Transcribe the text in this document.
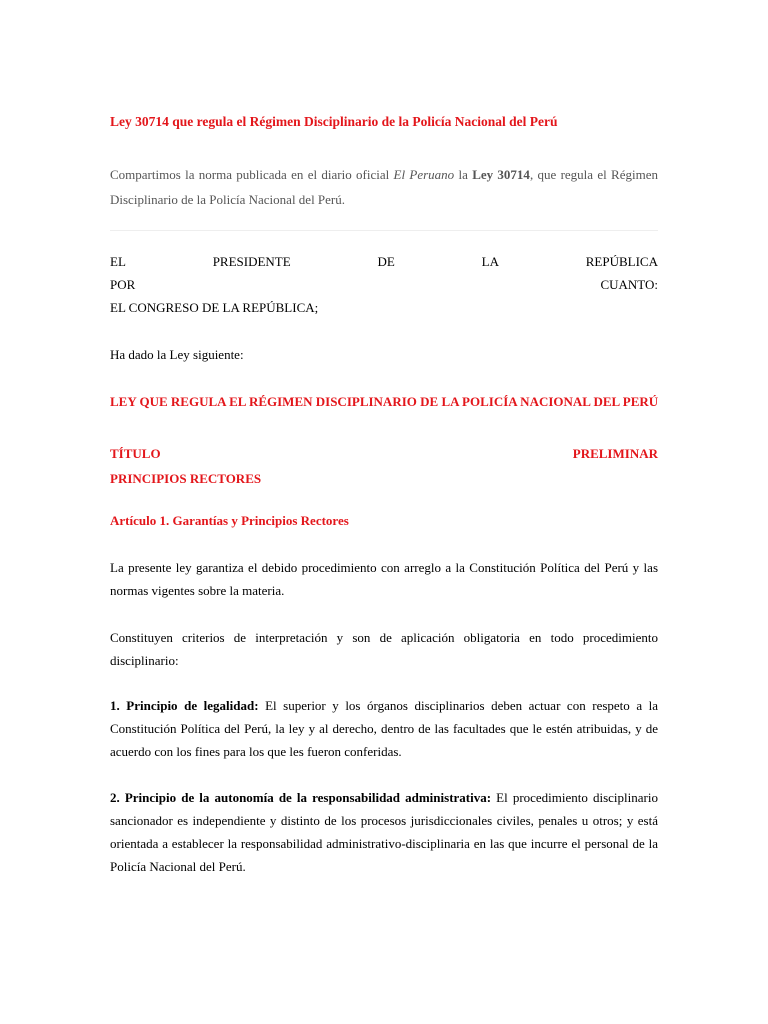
Ley 30714 que regula el Régimen Disciplinario de la Policía Nacional del Perú
Compartimos la norma publicada en el diario oficial El Peruano la Ley 30714, que regula el Régimen Disciplinario de la Policía Nacional del Perú.
EL	PRESIDENTE	DE	LA	REPÚBLICA
POR	CUANTO:
EL CONGRESO DE LA REPÚBLICA;
Ha dado la Ley siguiente:
LEY QUE REGULA EL RÉGIMEN DISCIPLINARIO DE LA POLICÍA NACIONAL DEL PERÚ
TÍTULO	PRELIMINAR
PRINCIPIOS RECTORES
Artículo 1. Garantías y Principios Rectores
La presente ley garantiza el debido procedimiento con arreglo a la Constitución Política del Perú y las normas vigentes sobre la materia.
Constituyen criterios de interpretación y son de aplicación obligatoria en todo procedimiento disciplinario:
1. Principio de legalidad: El superior y los órganos disciplinarios deben actuar con respeto a la Constitución Política del Perú, la ley y al derecho, dentro de las facultades que le estén atribuidas, y de acuerdo con los fines para los que les fueron conferidas.
2. Principio de la autonomía de la responsabilidad administrativa: El procedimiento disciplinario sancionador es independiente y distinto de los procesos jurisdiccionales civiles, penales u otros; y está orientada a establecer la responsabilidad administrativo-disciplinaria en las que incurre el personal de la Policía Nacional del Perú.
